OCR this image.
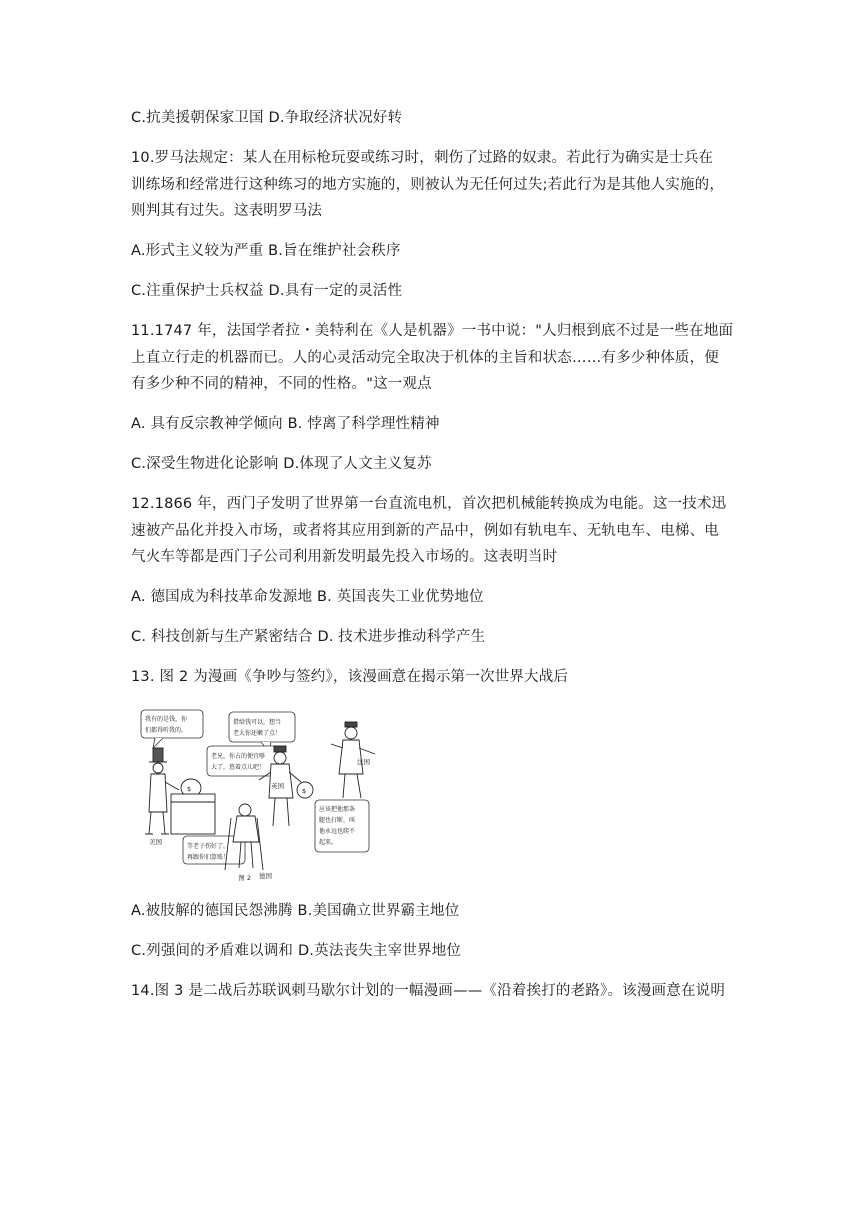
C.抗美援朝保家卫国 D.争取经济状况好转
10.罗马法规定：某人在用标枪玩耍或练习时，刺伤了过路的奴隶。若此行为确实是士兵在
训练场和经常进行这种练习的地方实施的，则被认为无任何过失;若此行为是其他人实施的，
则判其有过失。这表明罗马法
A.形式主义较为严重 B.旨在维护社会秩序
C.注重保护士兵权益 D.具有一定的灵活性
11.1747 年，法国学者拉・美特利在《人是机器》一书中说："人归根到底不过是一些在地面
上直立行走的机器而已。人的心灵活动完全取决于机体的主旨和状态……有多少种体质，便
有多少种不同的精神，不同的性格。"这一观点
A. 具有反宗教神学倾向 B. 悖离了科学理性精神
C.深受生物进化论影响 D.体现了人文主义复苏
12.1866 年，西门子发明了世界第一台直流电机，首次把机械能转换成为电能。这一技术迅
速被产品化并投入市场，或者将其应用到新的产品中，例如有轨电车、无轨电车、电梯、电
气火车等都是西门子公司利用新发明最先投入市场的。这表明当时
A. 德国成为科技革命发源地 B. 英国丧失工业优势地位
C. 科技创新与生产紧密结合 D. 技术进步推动科学产生
13. 图 2 为漫画《争吵与签约》，该漫画意在揭示第一次世界大战后
我有的是钱，你
们都得听我的。
借给钱可以，想当
老大你还嫩了点！
老兄，你占的便宜够
大了，悠着点儿吧！
应该把他那条
腿也打断，叫
他永远也爬不
起来。
等老子伤好了，
再跟你们算账！
美国
$	$
英国
法国
德国
图 2
A.被肢解的德国民怨沸腾 B.美国确立世界霸主地位
C.列强间的矛盾难以调和 D.英法丧失主宰世界地位
14.图 3 是二战后苏联讽刺马歇尔计划的一幅漫画——《沿着挨打的老路》。该漫画意在说明
